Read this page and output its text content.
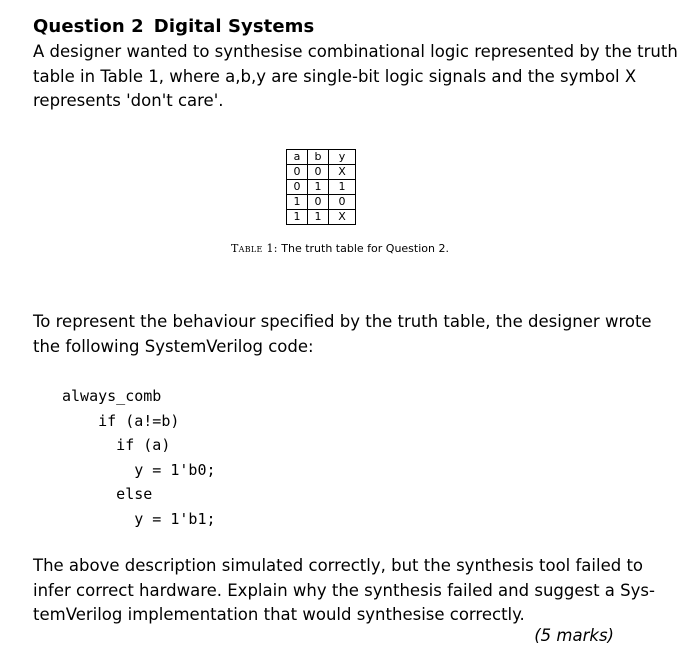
Question 2 Digital Systems
A designer wanted to synthesise combinational logic represented by the truth
table in Table 1, where a,b,y are single-bit logic signals and the symbol X
represents 'don't care'.
a	b	y
0	0	X
0	1	1
1	0	0
1	1	X
Table 1: The truth table for Question 2.
To represent the behaviour specified by the truth table, the designer wrote
the following SystemVerilog code:
always_comb
if (a!=b)
if (a)
y = 1'b0;
else
y = 1'b1;
The above description simulated correctly, but the synthesis tool failed to
infer correct hardware. Explain why the synthesis failed and suggest a Sys-
temVerilog implementation that would synthesise correctly.
(5 marks)
